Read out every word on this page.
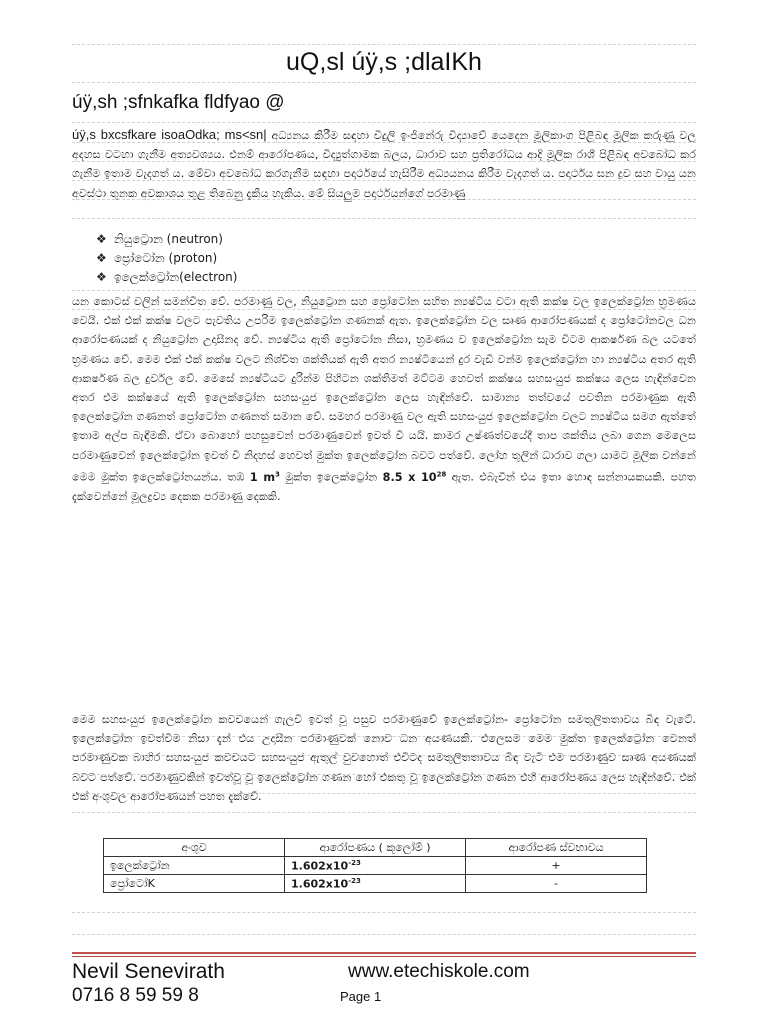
uQ,sl úÿ,s ;dlaIKh
úÿ,sh ;sfnkafka fldfyao @

úÿ,s bxcsfkare isoaOdka; ms<sn| අධ්‍යනය කිරීම සඳහා විදුලි ඉංජිනේරු විද්‍යාවේ යෙදෙන මූලිකාංග පිළිබඳ මූලික කරුණු වල අදහස වටහා ගැනීම අත්‍යවශ්‍යය. එනම් ආරෝපණය, විද්‍යුත්ගාමක බලය, ධාරාව සහ ප්‍රතිරෝධය ආදි මූලික රාශී පිළිබඳ අවබෝධ කර ගැනීම ඉතාම වැදගත් ය. මේවා අවබෝධ කරගැනීම සඳහා පදාර්ථයේ හැසිරීම අධ්‍යයනය කිරීම වැදගත් ය. පදාර්ථය ඝන ද්‍රව සහ වායු යන අවස්ථා තුනක අවකාශය තුළ තිබෙනු දැකිය හැකිය. මේ සියලුම පදාර්ථයන්ගේ පරමාණු

❖ නියුට්‍රොන (neutron)
❖ ප්‍රෝටෝන (proton)
❖ ඉලෙක්ට්‍රෝන(electron)

යන කොටස් වලින් සමන්විත වේ. පරමාණු වල, නියුට්‍රොන සහ ප්‍රෝටෝන සහිත න්‍යෂ්ටිය වටා ඇති කක්ෂ වල ඉලෙක්ට්‍රෝන භ්‍රමණය වෙයි. එක් එක් කක්ෂ වලට පැවතිය උපරිම ඉලෙක්ට්‍රෝන ගණනක් ඇත. ඉලෙක්ට්‍රෝන වල සෘණ ආරෝපණයක් ද ප්‍රෝටෝනවල ධන ආරෝපණයක් ද නියුට්‍රෝන උදාසීනද වේ. න්‍යෂ්ටිය ඇති ප්‍රෝටෝන නිසා, භ්‍රමණය ව ඉලෙක්ට්‍රෝන සැම විටම ආකර්ෂණ බල යටතේ භ්‍රමණය වේ. මෙම එක් එක් කක්ෂ වලට නිශ්චිත ශක්තියක් ඇති අතර න්‍යෂ්ටියෙන් දුර වැඩි වන්ම ඉලෙක්ට්‍රෝන හා න්‍යෂ්ටිය අතර ඇති ආකර්ෂණ බල දුර්වල වේ. මෙසේ න්‍යෂ්ටියට දුරින්ම පිහිටන ශක්තිමත් මට්ටම හෙවත් කක්ෂය සහසංයුජ කක්ෂය ලෙස හැඳින්වෙන අතර එම කක්ෂයේ ඇති ඉලෙක්ට්‍රෝන සහසංයුජ ඉලෙක්ට්‍රෝන ලෙස හැඳින්වේ. සාමාන්‍ය තත්වයේ පවතින පරමාණුක ඇති ඉලෙක්ට්‍රෝන ගණනත් ප්‍රෝටෝන ගණනත් සමාන වේ. සමහර පරමාණු වල ඇති සහසංයුජ ඉලෙක්ට්‍රෝන වලට න්‍යෂ්ටිය සමග ඇත්තේ ඉතාම අල්ප බැඳීමකි. ඒවා බොහෝ පහසුවෙන් පරමාණුවෙන් ඉවත් වී යයි. කාමර උෂ්ණත්වයේදී තාප ශක්තිය ලබා ගෙන මෙලෙස පරමාණුවෙන් ඉලෙක්ට්‍රෝන ඉවත් වී නිදහස් හෙවත් මුක්ත ඉලෙක්ට්‍රෝන බවට පත්වේ. ලෝහ තුලින් ධාරාව ගලා යාමට මූලික වන්නේ මෙම මුක්ත ඉලෙක්ට්‍රෝනයන්ය. තඹ 1 $m^3$ මුක්ත ඉලෙක්ට්‍රෝන 8.5 x $10^{28}$ ඇත. එබැවින් එය ඉතා හොඳ සන්නායකයකි. පහත දැක්වෙන්නේ මූලද්‍රව්‍ය දෙකක පරමාණු දෙකකි.

මෙම සහසංයුජ ඉලෙක්ට්‍රෝන කවචයෙන් ගැලවී ඉවත් වූ පසුව පරමාණුවේ ඉලෙක්ට්‍රෝන- ප්‍රෝටෝන සමතුලිතතාවය බිඳ වැටේ. ඉලෙක්ට්‍රෝන ඉවත්වීම නිසා දැන් එය උදාසීන පරමාණුවක් නොව ධන අයණයකි. එලෙසම මෙම මුක්ත ඉලෙක්ට්‍රෝන වෙනත් පරමාණුවක බාහිර සහසංයුජ කවචයට සහසංයුජ ඇතුල් වුවහොත් එවිටද සමතුලිතතාවය බිඳ වැටී එම පරමාණුව සෘණ අයණයක් බවට පත්වේ. පරමාණුවකින් ඉවත්වූ වූ ඉලෙක්ට්‍රෝන ගණන හෝ එකතු වූ ඉලෙක්ට්‍රෝන ගණන එහි ආරෝපණය ලෙස හැඳින්වේ. එක් එක් අංශුවල ආරෝපණයන් පහත දැක්වේ.

අංශුව	ආරෝපණය ( කූලෝම් )	ආරෝපණ ස්වභාවය
ඉලෙක්ට්‍රෝන	$1.602x10^{-23}$	+
ප්‍රෝටෝK	$1.602x10^{-23}$	-
Nevil Senevirath
0716 8 59 59 8
www.etechiskole.com
Page 1
